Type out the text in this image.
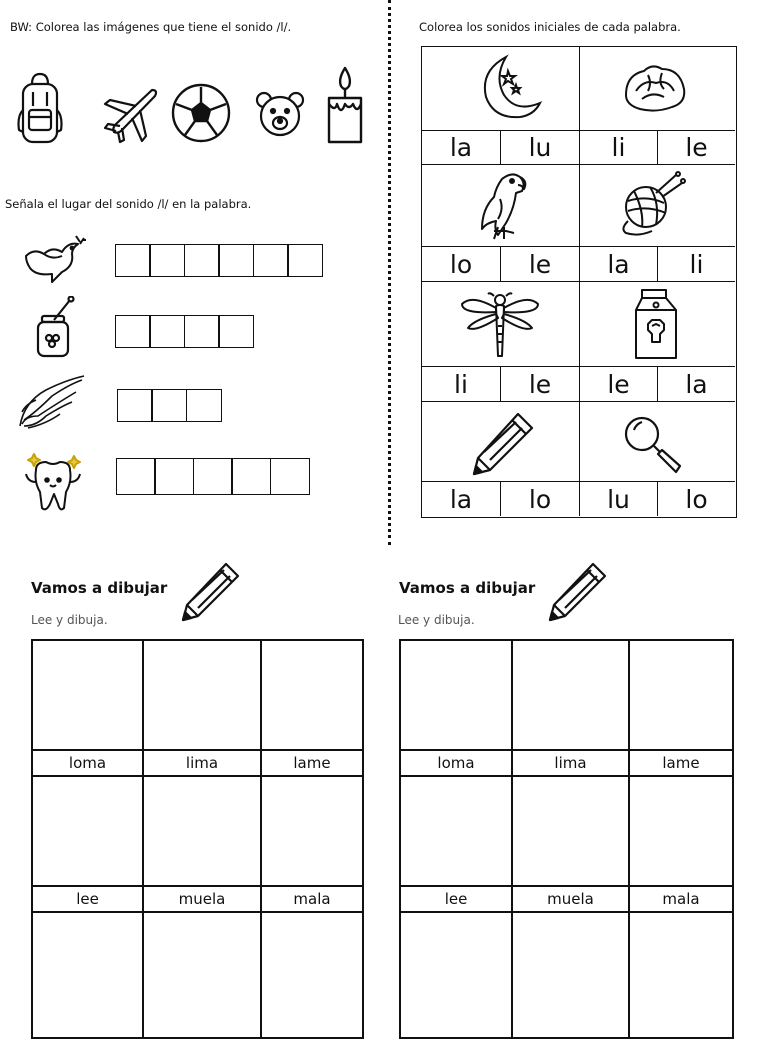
BW: Colorea las imágenes que tiene el sonido /l/.
Señala el lugar del sonido /l/ en la palabra.
Colorea los sonidos iniciales de cada palabra.
la	lu	li	le
lo	le	la	li
li	le	le	la
la	lo	lu	lo
Vamos a dibujar
Lee y dibuja.
loma	lima	lame
lee	muela	mala
Vamos a dibujar
Lee y dibuja.
loma	lima	lame
lee	muela	mala
